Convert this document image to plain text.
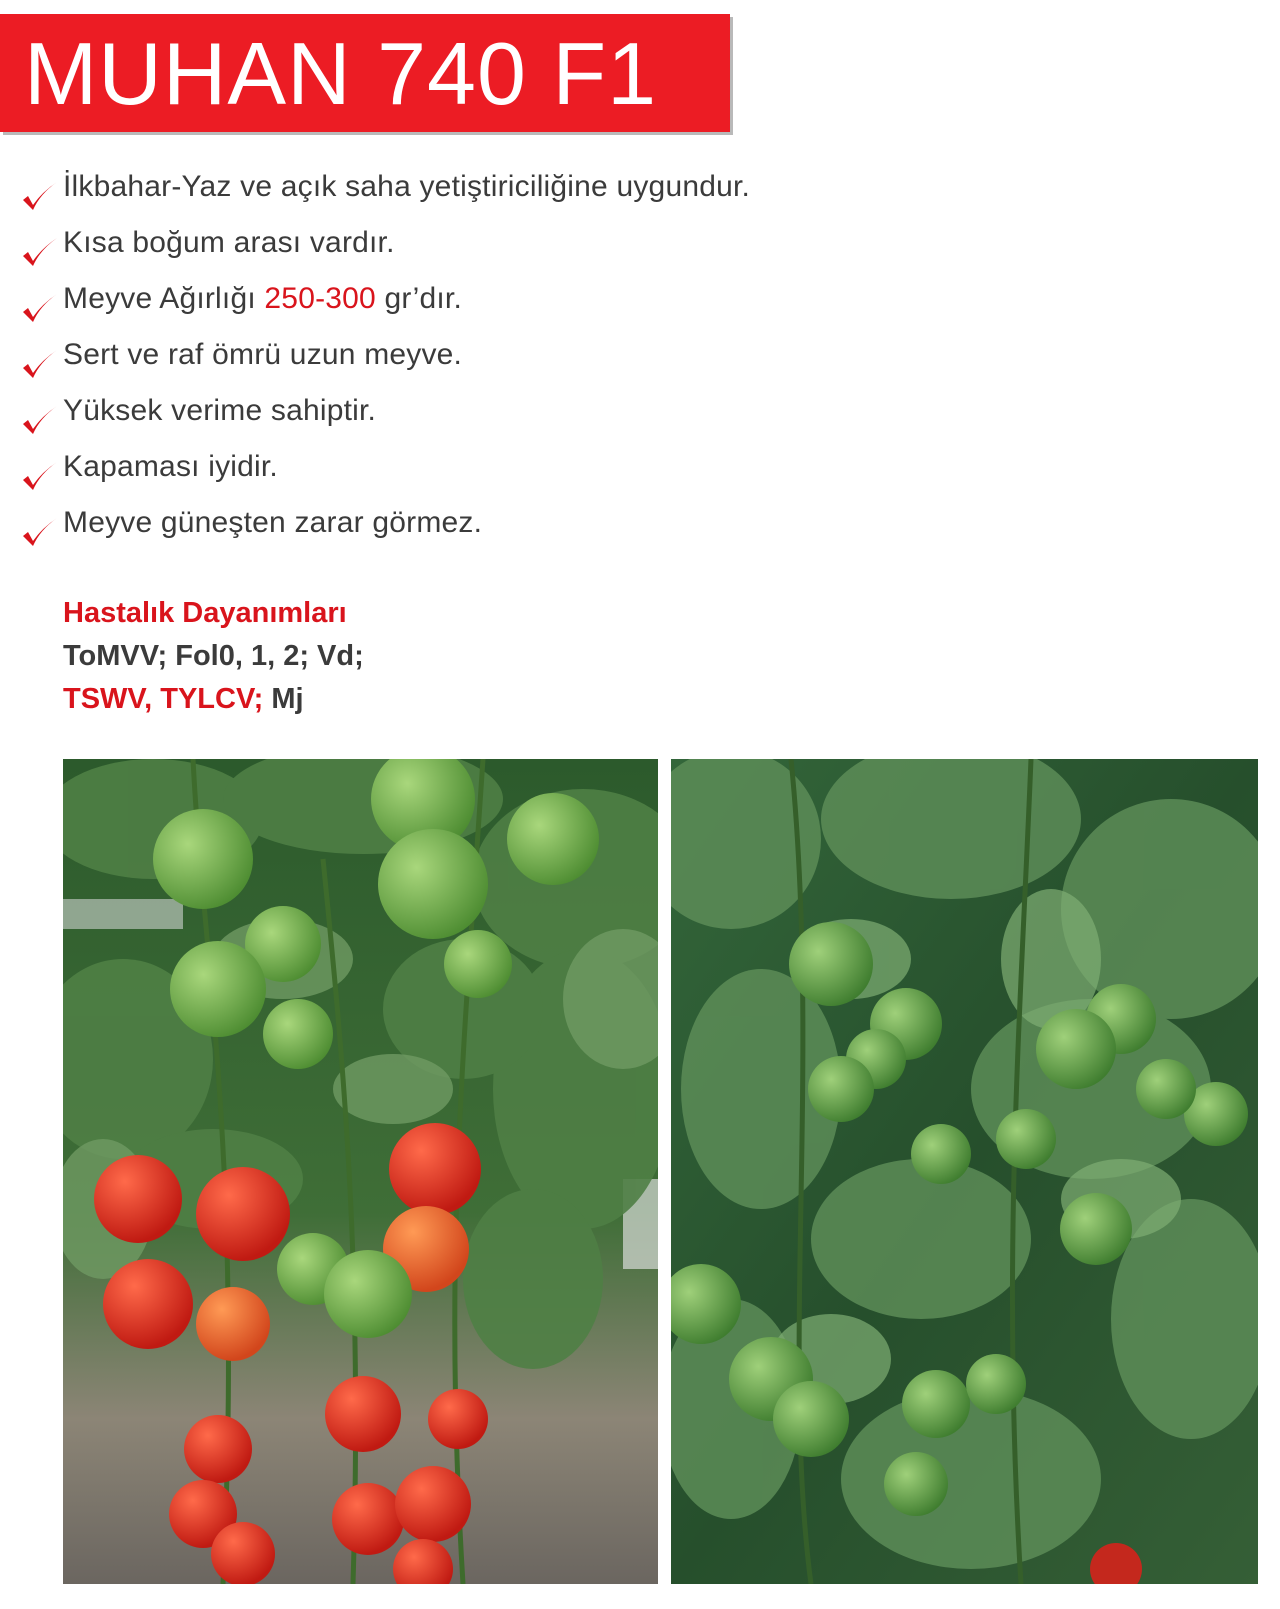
MUHAN 740 F1
İlkbahar-Yaz ve açık saha yetiştiriciliğine uygundur.
Kısa boğum arası vardır.
Meyve Ağırlığı 250-300 gr’dır.
Sert ve raf ömrü uzun meyve.
Yüksek verime sahiptir.
Kapaması iyidir.
Meyve güneşten zarar görmez.
Hastalık Dayanımları
ToMVV; Fol0, 1, 2; Vd;
TSWV, TYLCV; Mj
